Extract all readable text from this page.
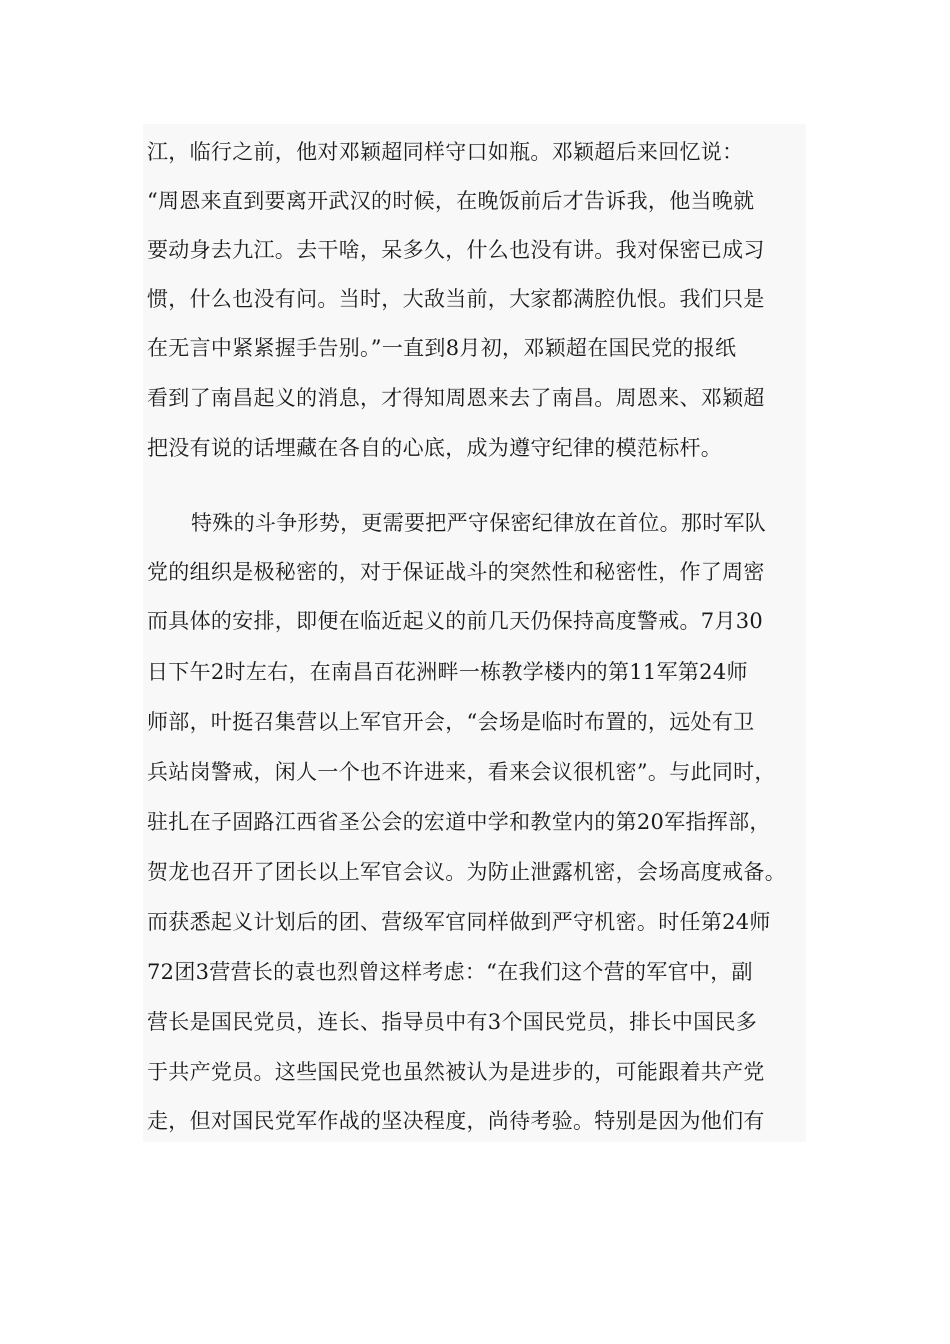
江，临行之前，他对邓颖超同样守口如瓶。邓颖超后来回忆说：
“周恩来直到要离开武汉的时候，在晚饭前后才告诉我，他当晚就
要动身去九江。去干啥，呆多久，什么也没有讲。我对保密已成习
惯，什么也没有问。当时，大敌当前，大家都满腔仇恨。我们只是
在无言中紧紧握手告别。”一直到8月初，邓颖超在国民党的报纸
看到了南昌起义的消息，才得知周恩来去了南昌。周恩来、邓颖超
把没有说的话埋藏在各自的心底，成为遵守纪律的模范标杆。
特殊的斗争形势，更需要把严守保密纪律放在首位。那时军队
党的组织是极秘密的，对于保证战斗的突然性和秘密性，作了周密
而具体的安排，即便在临近起义的前几天仍保持高度警戒。7月30
日下午2时左右，在南昌百花洲畔一栋教学楼内的第11军第24师
师部，叶挺召集营以上军官开会，“会场是临时布置的，远处有卫
兵站岗警戒，闲人一个也不许进来，看来会议很机密”。与此同时，
驻扎在子固路江西省圣公会的宏道中学和教堂内的第20军指挥部，
贺龙也召开了团长以上军官会议。为防止泄露机密，会场高度戒备。
而获悉起义计划后的团、营级军官同样做到严守机密。时任第24师
72团3营营长的袁也烈曾这样考虑：“在我们这个营的军官中，副
营长是国民党员，连长、指导员中有3个国民党员，排长中国民多
于共产党员。这些国民党也虽然被认为是进步的，可能跟着共产党
走，但对国民党军作战的坚决程度，尚待考验。特别是因为他们有
